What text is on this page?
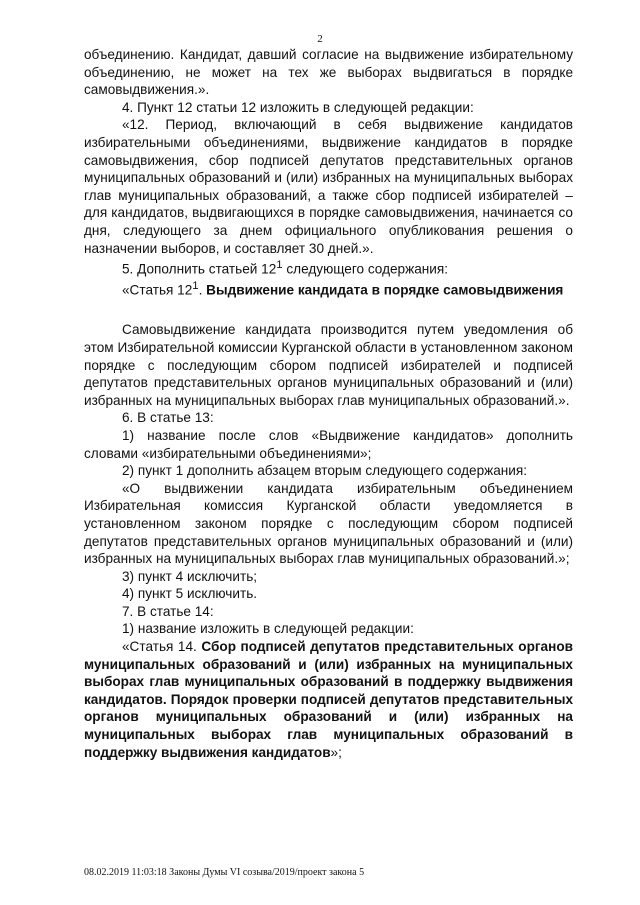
2

объединению. Кандидат, давший согласие на выдвижение избирательному объединению, не может на тех же выборах выдвигаться в порядке самовыдвижения.».

4. Пункт 12 статьи 12 изложить в следующей редакции:

«12. Период, включающий в себя выдвижение кандидатов избирательными объединениями, выдвижение кандидатов в порядке самовыдвижения, сбор подписей депутатов представительных органов муниципальных образований и (или) избранных на муниципальных выборах глав муниципальных образований, а также сбор подписей избирателей – для кандидатов, выдвигающихся в порядке самовыдвижения, начинается со дня, следующего за днем официального опубликования решения о назначении выборов, и составляет 30 дней.».

5. Дополнить статьей $12^1$ следующего содержания:

«Статья $12^1$. Выдвижение кандидата в порядке самовыдвижения

Самовыдвижение кандидата производится путем уведомления об этом Избирательной комиссии Курганской области в установленном законом порядке с последующим сбором подписей избирателей и подписей депутатов представительных органов муниципальных образований и (или) избранных на муниципальных выборах глав муниципальных образований.».

6. В статье 13:

1) название после слов «Выдвижение кандидатов» дополнить словами «избирательными объединениями»;

2) пункт 1 дополнить абзацем вторым следующего содержания:

«О выдвижении кандидата избирательным объединением Избирательная комиссия Курганской области уведомляется в установленном законом порядке с последующим сбором подписей депутатов представительных органов муниципальных образований и (или) избранных на муниципальных выборах глав муниципальных образований.»;

3) пункт 4 исключить;

4) пункт 5 исключить.

7. В статье 14:

1) название изложить в следующей редакции:

«Статья 14. Сбор подписей депутатов представительных органов муниципальных образований и (или) избранных на муниципальных выборах глав муниципальных образований в поддержку выдвижения кандидатов. Порядок проверки подписей депутатов представительных органов муниципальных образований и (или) избранных на муниципальных выборах глав муниципальных образований в поддержку выдвижения кандидатов»;

08.02.2019 11:03:18 Законы Думы VI созыва/2019/проект закона 5
